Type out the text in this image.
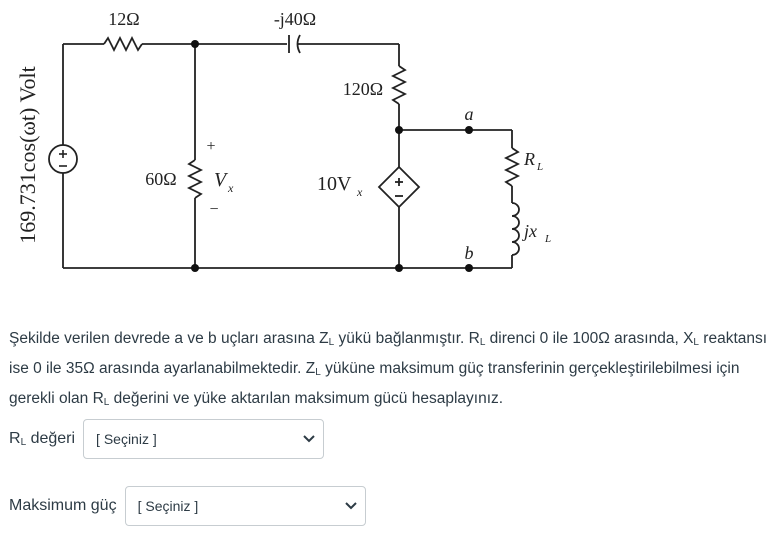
169.731cos(ωt) Volt
12Ω	-j40Ω
120Ω
60Ω
+
V x
−
10V x
a
b
R L
jx L
Şekilde verilen devrede a ve b uçları arasına $Z_L$ yükü bağlanmıştır. $R_L$ direnci 0 ile 100Ω arasında, $X_L$ reaktansı ise 0 ile 35Ω arasında ayarlanabilmektedir. $Z_L$ yüküne maksimum güç transferinin gerçekleştirilebilmesi için gerekli olan $R_L$ değerini ve yüke aktarılan maksimum gücü hesaplayınız.
$R_L$ değeri [ Seçiniz ]
Maksimum güç [ Seçiniz ]
